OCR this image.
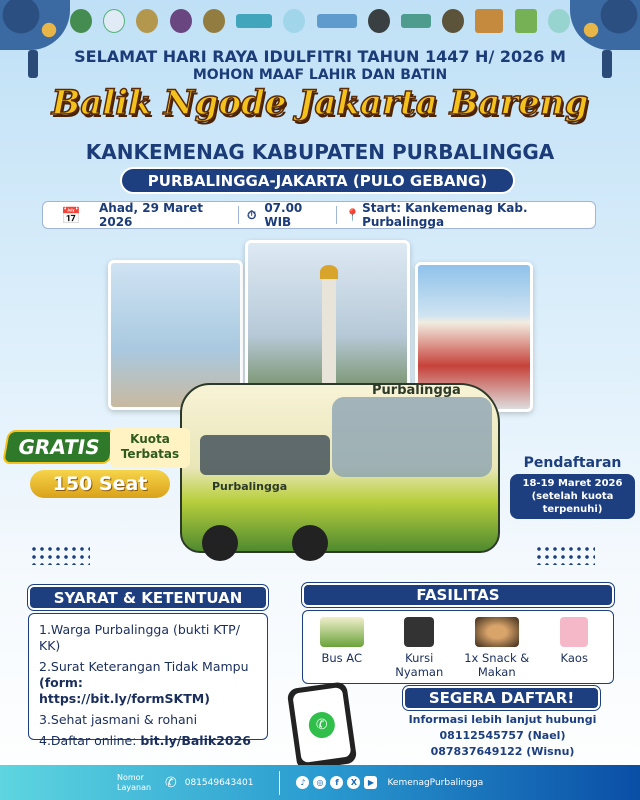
SELAMAT HARI RAYA IDULFITRI TAHUN 1447 H/ 2026 M
MOHON MAAF LAHIR DAN BATIN
Balik Ngode Jakarta Bareng
KANKEMENAG KABUPATEN PURBALINGGA
PURBALINGGA-JAKARTA (PULO GEBANG)
📅 Ahad, 29 Maret 2026
⏱ 07.00 WIB	📍 Start: Kankemenag Kab. Purbalingga
Purbalingga
Purbalingga
GRATIS	Kuota Terbatas
150 Seat
Pendaftaran
18-19 Maret 2026
(setelah kuota terpenuhi)
SYARAT & KETENTUAN
1.Warga Purbalingga (bukti KTP/ KK)
2.Surat Keterangan Tidak Mampu
(form: https://bit.ly/formSKTM)
3.Sehat jasmani & rohani
4.Daftar online: bit.ly/Balik2026
FASILITAS
Bus AC	Kursi Nyaman
1x Snack & Makan
Kaos
✆
SEGERA DAFTAR!
Informasi lebih lanjut hubungi
08112545757 (Nael)
087837649122 (Wisnu)
Nomor Layanan ✆ 081549643401	♪	◎	f	X	▶	KemenagPurbalingga
